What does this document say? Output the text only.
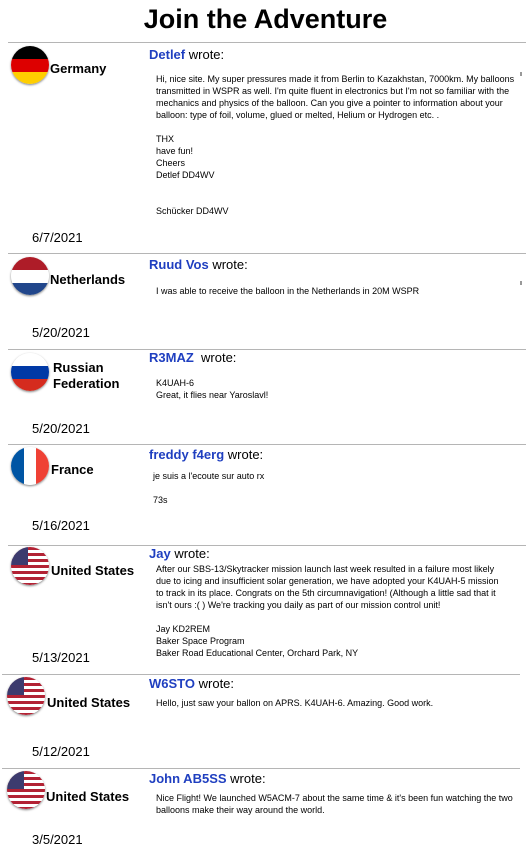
Join the Adventure
Germany
Detlef wrote:
Hi, nice site. My super pressures made it from Berlin to Kazakhstan, 7000km. My balloons transmitted in WSPR as well. I'm quite fluent in electronics but I'm not so familiar with the mechanics and physics of the balloon. Can you give a pointer to information about your balloon: type of foil, volume, glued or melted, Helium or Hydrogen etc. .

THX
have fun!
Cheers
Detlef DD4WV

Schücker DD4WV
6/7/2021
Netherlands
Ruud Vos wrote:
I was able to receive the balloon in the Netherlands in 20M WSPR
5/20/2021
Russian Federation
R3MAZ  wrote:
K4UAH-6
Great, it flies near Yaroslavl!
5/20/2021
France
freddy f4erg wrote:
je suis a l'ecoute sur auto rx

73s
5/16/2021
United States
Jay wrote:
After our SBS-13/Skytracker mission launch last week resulted in a failure most likely due to icing and insufficient solar generation, we have adopted your K4UAH-5 mission to track in its place. Congrats on the 5th circumnavigation! (Although a little sad that it isn't ours :( ) We're tracking you daily as part of our mission control unit!

Jay KD2REM
Baker Space Program
Baker Road Educational Center, Orchard Park, NY
5/13/2021
United States
W6STO wrote:
Hello, just saw your ballon on APRS. K4UAH-6. Amazing. Good work.
5/12/2021
United States
John AB5SS wrote:
Nice Flight! We launched W5ACM-7 about the same time & it's been fun watching the two balloons make their way around the world.
3/5/2021
